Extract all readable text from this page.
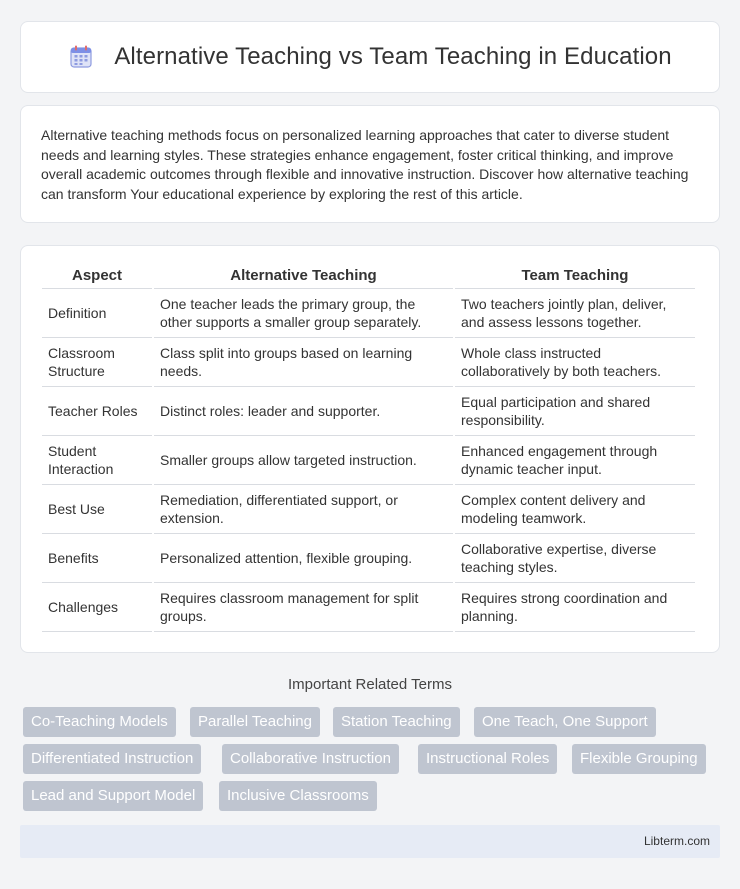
Alternative Teaching vs Team Teaching in Education

Alternative teaching methods focus on personalized learning approaches that cater to diverse student needs and learning styles. These strategies enhance engagement, foster critical thinking, and improve overall academic outcomes through flexible and innovative instruction. Discover how alternative teaching can transform Your educational experience by exploring the rest of this article.

Aspect	Alternative Teaching	Team Teaching
Definition	One teacher leads the primary group, the other supports a smaller group separately.	Two teachers jointly plan, deliver, and assess lessons together.
Classroom Structure	Class split into groups based on learning needs.	Whole class instructed collaboratively by both teachers.
Teacher Roles	Distinct roles: leader and supporter.	Equal participation and shared responsibility.
Student Interaction	Smaller groups allow targeted instruction.	Enhanced engagement through dynamic teacher input.
Best Use	Remediation, differentiated support, or extension.	Complex content delivery and modeling teamwork.
Benefits	Personalized attention, flexible grouping.	Collaborative expertise, diverse teaching styles.
Challenges	Requires classroom management for split groups.	Requires strong coordination and planning.
Important Related Terms
Co-Teaching Models	Parallel Teaching	Station Teaching	One Teach, One Support
Differentiated Instruction	Collaborative Instruction	Instructional Roles	Flexible Grouping
Lead and Support Model	Inclusive Classrooms
Libterm.com
